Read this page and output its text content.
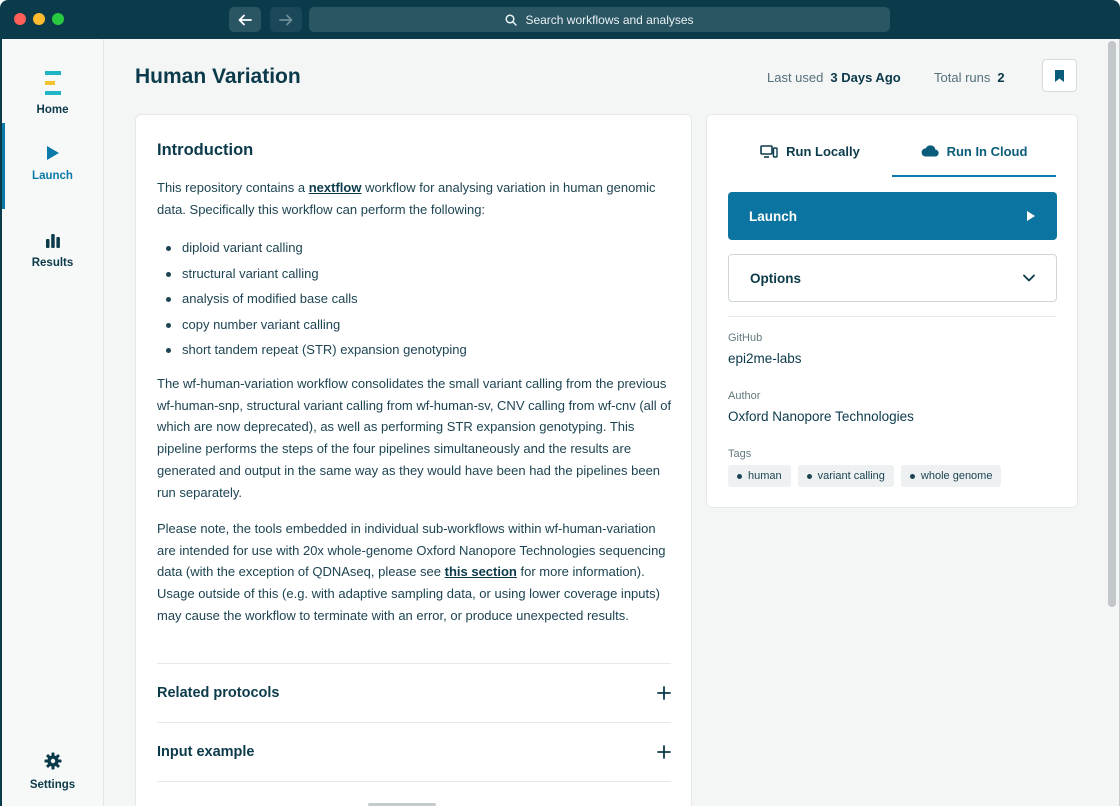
Search workflows and analyses
Home
Launch
Results
Settings
Human Variation	Last used 3 Days Ago	Total runs 2
Introduction

This repository contains a nextflow workflow for analysing variation in human genomic data. Specifically this workflow can perform the following:

diploid variant calling
structural variant calling
analysis of modified base calls
copy number variant calling
short tandem repeat (STR) expansion genotyping

The wf-human-variation workflow consolidates the small variant calling from the previous wf-human-snp, structural variant calling from wf-human-sv, CNV calling from wf-cnv (all of which are now deprecated), as well as performing STR expansion genotyping. This pipeline performs the steps of the four pipelines simultaneously and the results are generated and output in the same way as they would have been had the pipelines been run separately.

Please note, the tools embedded in individual sub-workflows within wf-human-variation are intended for use with 20x whole-genome Oxford Nanopore Technologies sequencing data (with the exception of QDNAseq, please see this section for more information). Usage outside of this (e.g. with adaptive sampling data, or using lower coverage inputs) may cause the workflow to terminate with an error, or produce unexpected results.

Related protocols
Input example
Run Locally	Run In Cloud
Launch
Options
GitHub
epi2me-labs
Author
Oxford Nanopore Technologies
Tags
human	variant calling	whole genome
